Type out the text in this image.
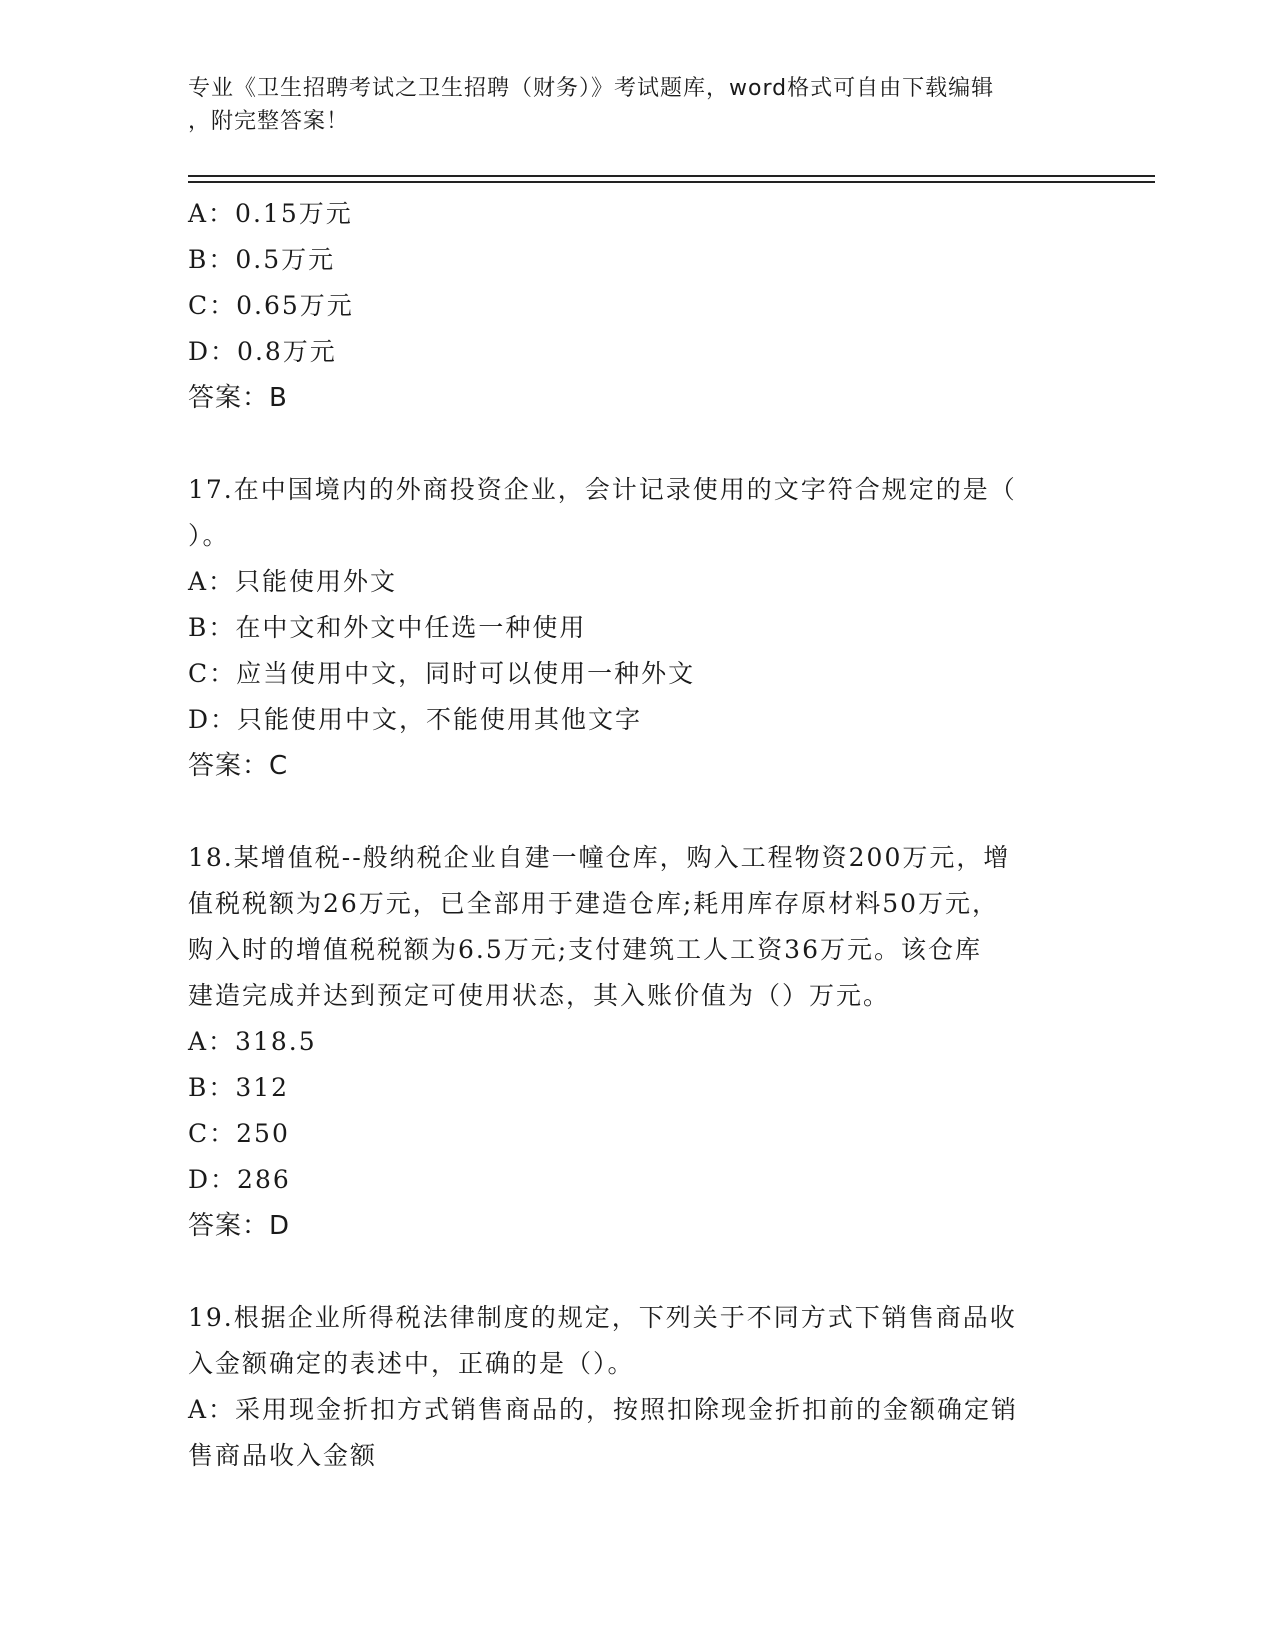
专业《卫生招聘考试之卫生招聘（财务）》考试题库，word格式可自由下载编辑
，附完整答案！
A：0.15万元
B：0.5万元
C：0.65万元
D：0.8万元
答案：B
17.在中国境内的外商投资企业，会计记录使用的文字符合规定的是（
）。
A：只能使用外文
B：在中文和外文中任选一种使用
C：应当使用中文，同时可以使用一种外文
D：只能使用中文，不能使用其他文字
答案：C
18.某增值税--般纳税企业自建一幢仓库，购入工程物资200万元，增
值税税额为26万元，已全部用于建造仓库;耗用库存原材料50万元，
购入时的增值税税额为6.5万元;支付建筑工人工资36万元。该仓库
建造完成并达到预定可使用状态，其入账价值为（）万元。
A：318.5
B：312
C：250
D：286
答案：D
19.根据企业所得税法律制度的规定，下列关于不同方式下销售商品收
入金额确定的表述中，正确的是（）。
A：采用现金折扣方式销售商品的，按照扣除现金折扣前的金额确定销
售商品收入金额
